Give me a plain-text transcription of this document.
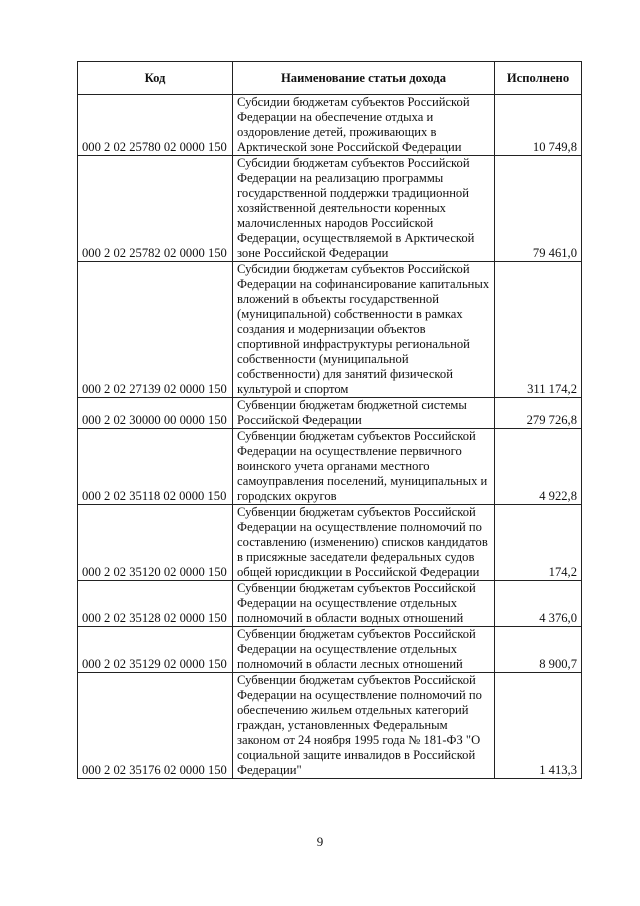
Код	Наименование статьи дохода	Исполнено
000 2 02 25780 02 0000 150	Субсидии бюджетам субъектов Российской Федерации на обеспечение отдыха и оздоровление детей, проживающих в Арктической зоне Российской Федерации	10 749,8
000 2 02 25782 02 0000 150	Субсидии бюджетам субъектов Российской Федерации на реализацию программы государственной поддержки традиционной хозяйственной деятельности коренных малочисленных народов Российской Федерации, осуществляемой в Арктической зоне Российской Федерации	79 461,0
000 2 02 27139 02 0000 150	Субсидии бюджетам субъектов Российской Федерации на софинансирование капитальных вложений в объекты государственной (муниципальной) собственности в рамках создания и модернизации объектов спортивной инфраструктуры региональной собственности (муниципальной собственности) для занятий физической культурой и спортом	311 174,2
000 2 02 30000 00 0000 150	Субвенции бюджетам бюджетной системы Российской Федерации	279 726,8
000 2 02 35118 02 0000 150	Субвенции бюджетам субъектов Российской Федерации на осуществление первичного воинского учета органами местного самоуправления поселений, муниципальных и городских округов	4 922,8
000 2 02 35120 02 0000 150	Субвенции бюджетам субъектов Российской Федерации на осуществление полномочий по составлению (изменению) списков кандидатов в присяжные заседатели федеральных судов общей юрисдикции в Российской Федерации	174,2
000 2 02 35128 02 0000 150	Субвенции бюджетам субъектов Российской Федерации на осуществление отдельных полномочий в области водных отношений	4 376,0
000 2 02 35129 02 0000 150	Субвенции бюджетам субъектов Российской Федерации на осуществление отдельных полномочий в области лесных отношений	8 900,7
000 2 02 35176 02 0000 150	Субвенции бюджетам субъектов Российской Федерации на осуществление полномочий по обеспечению жильем отдельных категорий граждан, установленных Федеральным законом от 24 ноября 1995 года № 181-ФЗ "О социальной защите инвалидов в Российской Федерации"	1 413,3
9
